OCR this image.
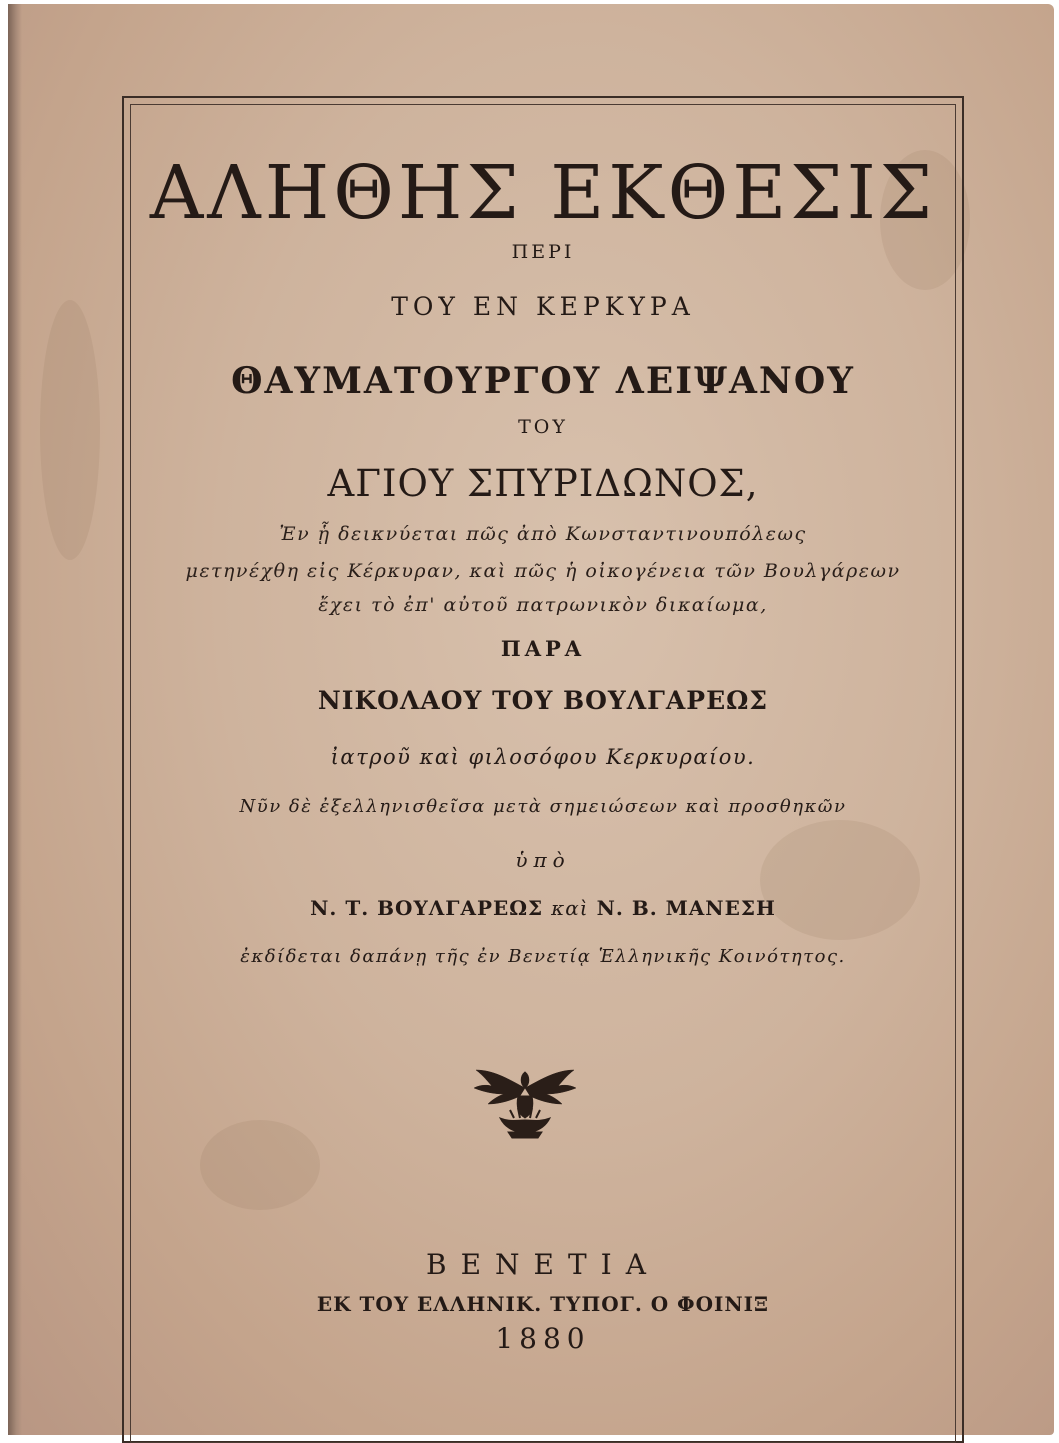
ΑΛΗΘΗΣ ΕΚΘΕΣΙΣ
ΠΕΡΙ
ΤΟΥ ΕΝ ΚΕΡΚΥΡΑ
ΘΑΥΜΑΤΟΥΡΓΟΥ ΛΕΙΨΑΝΟΥ
ΤΟΥ
ΑΓΙΟΥ ΣΠΥΡΙΔΩΝΟΣ,
Ἐν ᾗ δεικνύεται πῶς ἀπὸ Κωνσταντινουπόλεως
μετηνέχθη εἰς Κέρκυραν, καὶ πῶς ἡ οἰκογένεια τῶν Βουλγάρεων
ἔχει τὸ ἐπ' αὐτοῦ πατρωνικὸν δικαίωμα,
ΠΑΡΑ
ΝΙΚΟΛΑΟΥ ΤΟΥ ΒΟΥΛΓΑΡΕΩΣ
ἰατροῦ καὶ φιλοσόφου Κερκυραίου.
Νῦν δὲ ἐξελληνισθεῖσα μετὰ σημειώσεων καὶ προσθηκῶν
ὑπὸ
Ν. Τ. ΒΟΥΛΓΑΡΕΩΣ καὶ Ν. Β. ΜΑΝΕΣΗ
ἐκδίδεται δαπάνῃ τῆς ἐν Βενετίᾳ Ἑλληνικῆς Κοινότητος.
ΒΕΝΕΤΙΑ
ΕΚ ΤΟΥ ΕΛΛΗΝΙΚ. ΤΥΠΟΓ. Ο ΦΟΙΝΙΞ
1880
